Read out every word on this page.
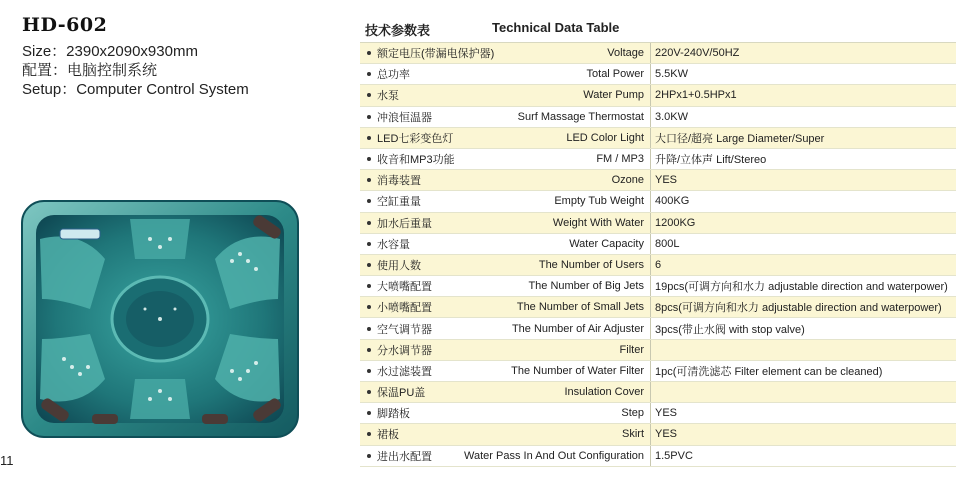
HD-602
Size：2390x2090x930mm
配置：电脑控制系统
Setup：Computer Control System
11
技术参数表	Technical Data Table
额定电压(带漏电保护器)	Voltage	220V-240V/50HZ
总功率	Total Power	5.5KW
水泵	Water Pump	2HPx1+0.5HPx1
冲浪恒温器	Surf Massage Thermostat	3.0KW
LED七彩变色灯	LED Color Light	大口径/超亮 Large Diameter/Super
收音和MP3功能	FM / MP3	升降/立体声 Lift/Stereo
消毒装置	Ozone	YES
空缸重量	Empty Tub Weight	400KG
加水后重量	Weight With Water	1200KG
水容量	Water Capacity	800L
使用人数	The Number of Users	6
大喷嘴配置	The Number of Big Jets	19pcs(可调方向和水力 adjustable direction and waterpower)
小喷嘴配置	The Number of Small Jets	8pcs(可调方向和水力 adjustable direction and waterpower)
空气调节器	The Number of Air Adjuster	3pcs(带止水阀 with stop valve)
分水调节器	Filter
水过滤装置	The Number of Water Filter	1pc(可清洗滤芯 Filter element can be cleaned)
保温PU盖	Insulation Cover
脚踏板	Step	YES
裙板	Skirt	YES
进出水配置	Water Pass In And Out Configuration	1.5PVC
